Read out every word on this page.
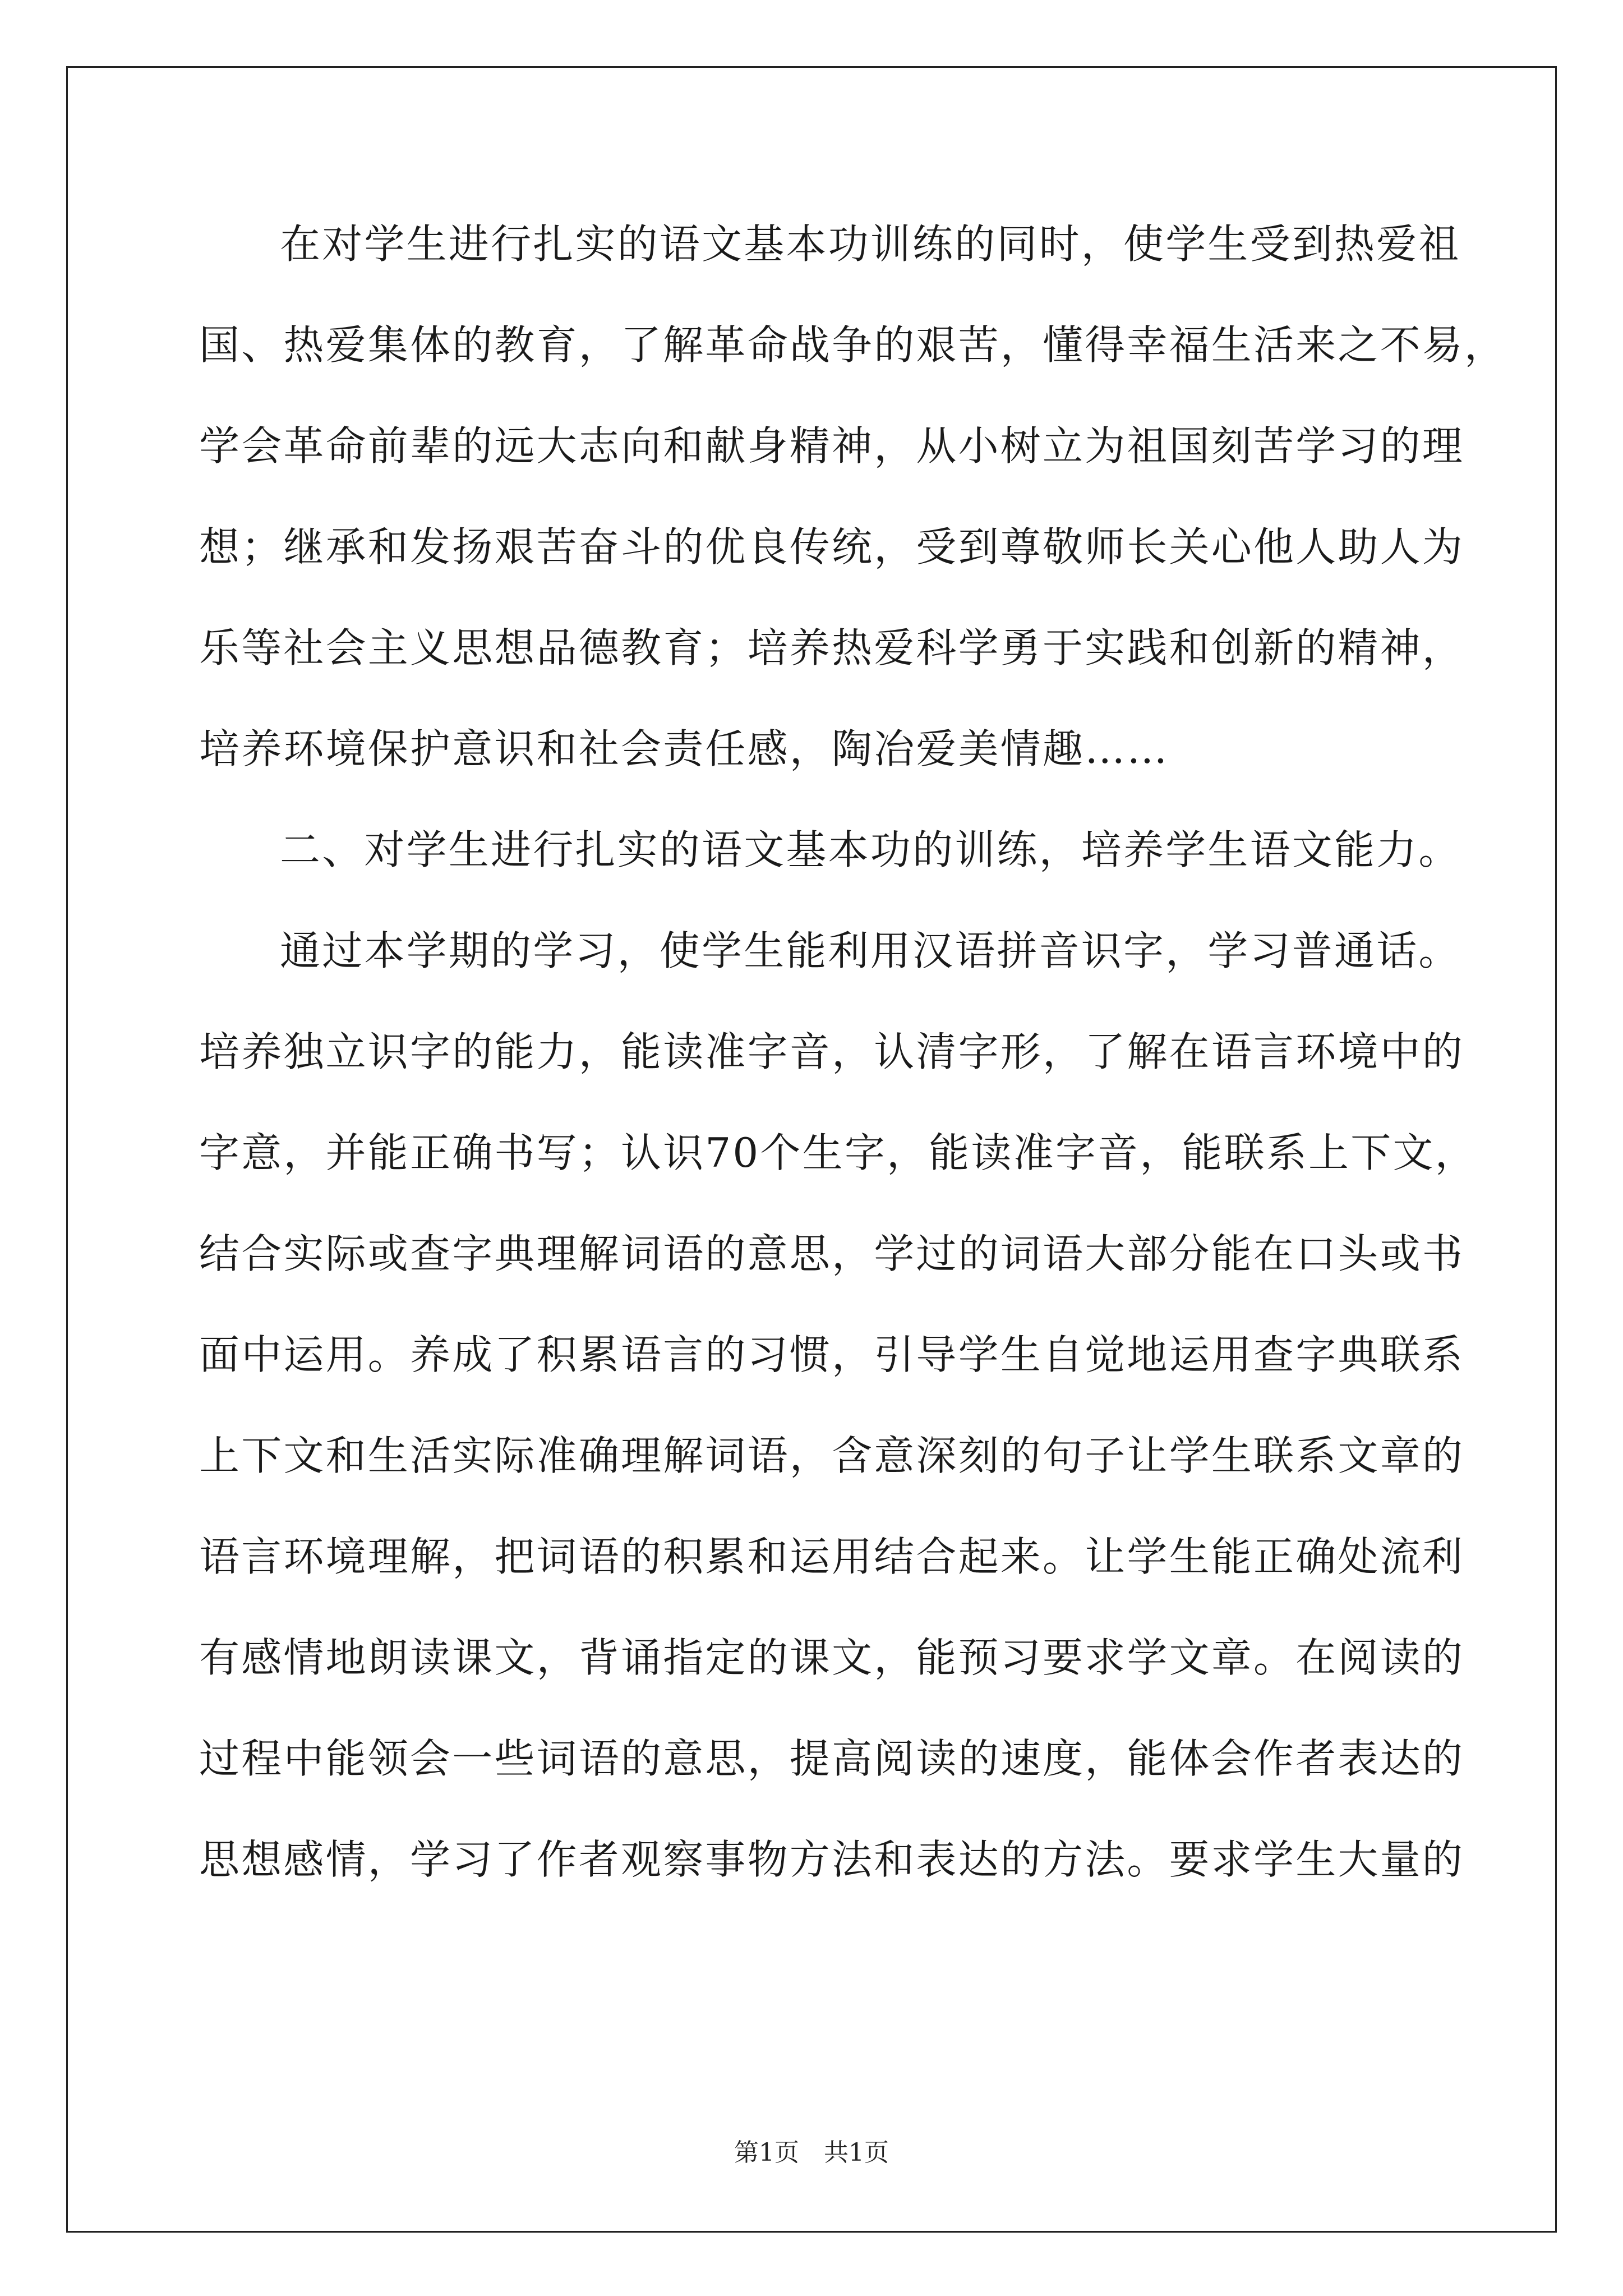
在对学生进行扎实的语文基本功训练的同时，使学生受到热爱祖
国、热爱集体的教育，了解革命战争的艰苦，懂得幸福生活来之不易，
学会革命前辈的远大志向和献身精神，从小树立为祖国刻苦学习的理
想；继承和发扬艰苦奋斗的优良传统，受到尊敬师长关心他人助人为
乐等社会主义思想品德教育；培养热爱科学勇于实践和创新的精神，
培养环境保护意识和社会责任感，陶冶爱美情趣……
二、对学生进行扎实的语文基本功的训练，培养学生语文能力。
通过本学期的学习，使学生能利用汉语拼音识字，学习普通话。
培养独立识字的能力，能读准字音，认清字形，了解在语言环境中的
字意，并能正确书写；认识70个生字，能读准字音，能联系上下文，
结合实际或查字典理解词语的意思，学过的词语大部分能在口头或书
面中运用。养成了积累语言的习惯，引导学生自觉地运用查字典联系
上下文和生活实际准确理解词语，含意深刻的句子让学生联系文章的
语言环境理解，把词语的积累和运用结合起来。让学生能正确处流利
有感情地朗读课文，背诵指定的课文，能预习要求学文章。在阅读的
过程中能领会一些词语的意思，提高阅读的速度，能体会作者表达的
思想感情，学习了作者观察事物方法和表达的方法。要求学生大量的
第1页　共1页
